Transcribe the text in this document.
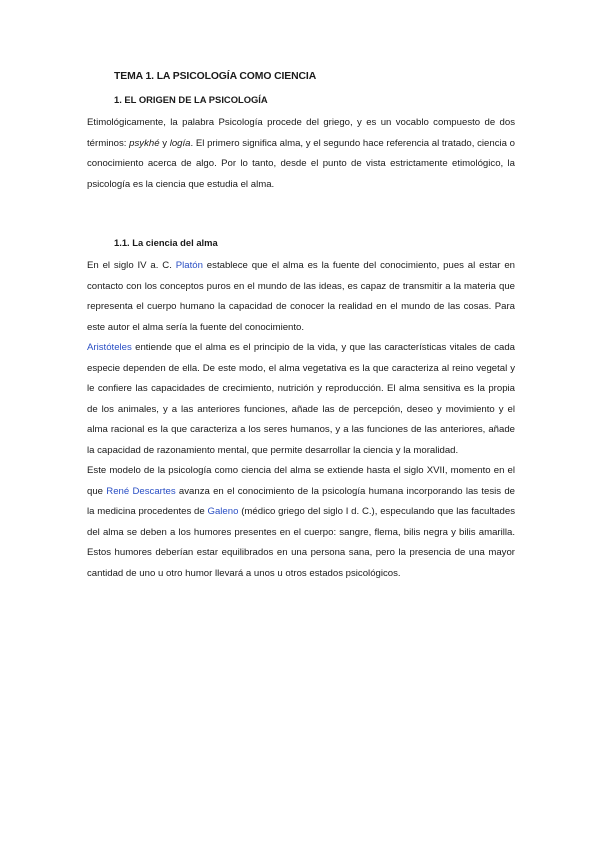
TEMA 1. LA PSICOLOGÍA COMO CIENCIA
1. EL ORIGEN DE LA PSICOLOGÍA

Etimológicamente, la palabra Psicología procede del griego, y es un vocablo compuesto de dos términos: psykhé y logía. El primero significa alma, y el segundo hace referencia al tratado, ciencia o conocimiento acerca de algo. Por lo tanto, desde el punto de vista estrictamente etimológico, la psicología es la ciencia que estudia el alma.

1.1. La ciencia del alma

En el siglo IV a. C. Platón establece que el alma es la fuente del conocimiento, pues al estar en contacto con los conceptos puros en el mundo de las ideas, es capaz de transmitir a la materia que representa el cuerpo humano la capacidad de conocer la realidad en el mundo de las cosas. Para este autor el alma sería la fuente del conocimiento.

Aristóteles entiende que el alma es el principio de la vida, y que las características vitales de cada especie dependen de ella. De este modo, el alma vegetativa es la que caracteriza al reino vegetal y le confiere las capacidades de crecimiento, nutrición y reproducción. El alma sensitiva es la propia de los animales, y a las anteriores funciones, añade las de percepción, deseo y movimiento y el alma racional es la que caracteriza a los seres humanos, y a las funciones de las anteriores, añade la capacidad de razonamiento mental, que permite desarrollar la ciencia y la moralidad.

Este modelo de la psicología como ciencia del alma se extiende hasta el siglo XVII, momento en el que René Descartes avanza en el conocimiento de la psicología humana incorporando las tesis de la medicina procedentes de Galeno (médico griego del siglo I d. C.), especulando que las facultades del alma se deben a los humores presentes en el cuerpo: sangre, flema, bilis negra y bilis amarilla. Estos humores deberían estar equilibrados en una persona sana, pero la presencia de una mayor cantidad de uno u otro humor llevará a unos u otros estados psicológicos.
